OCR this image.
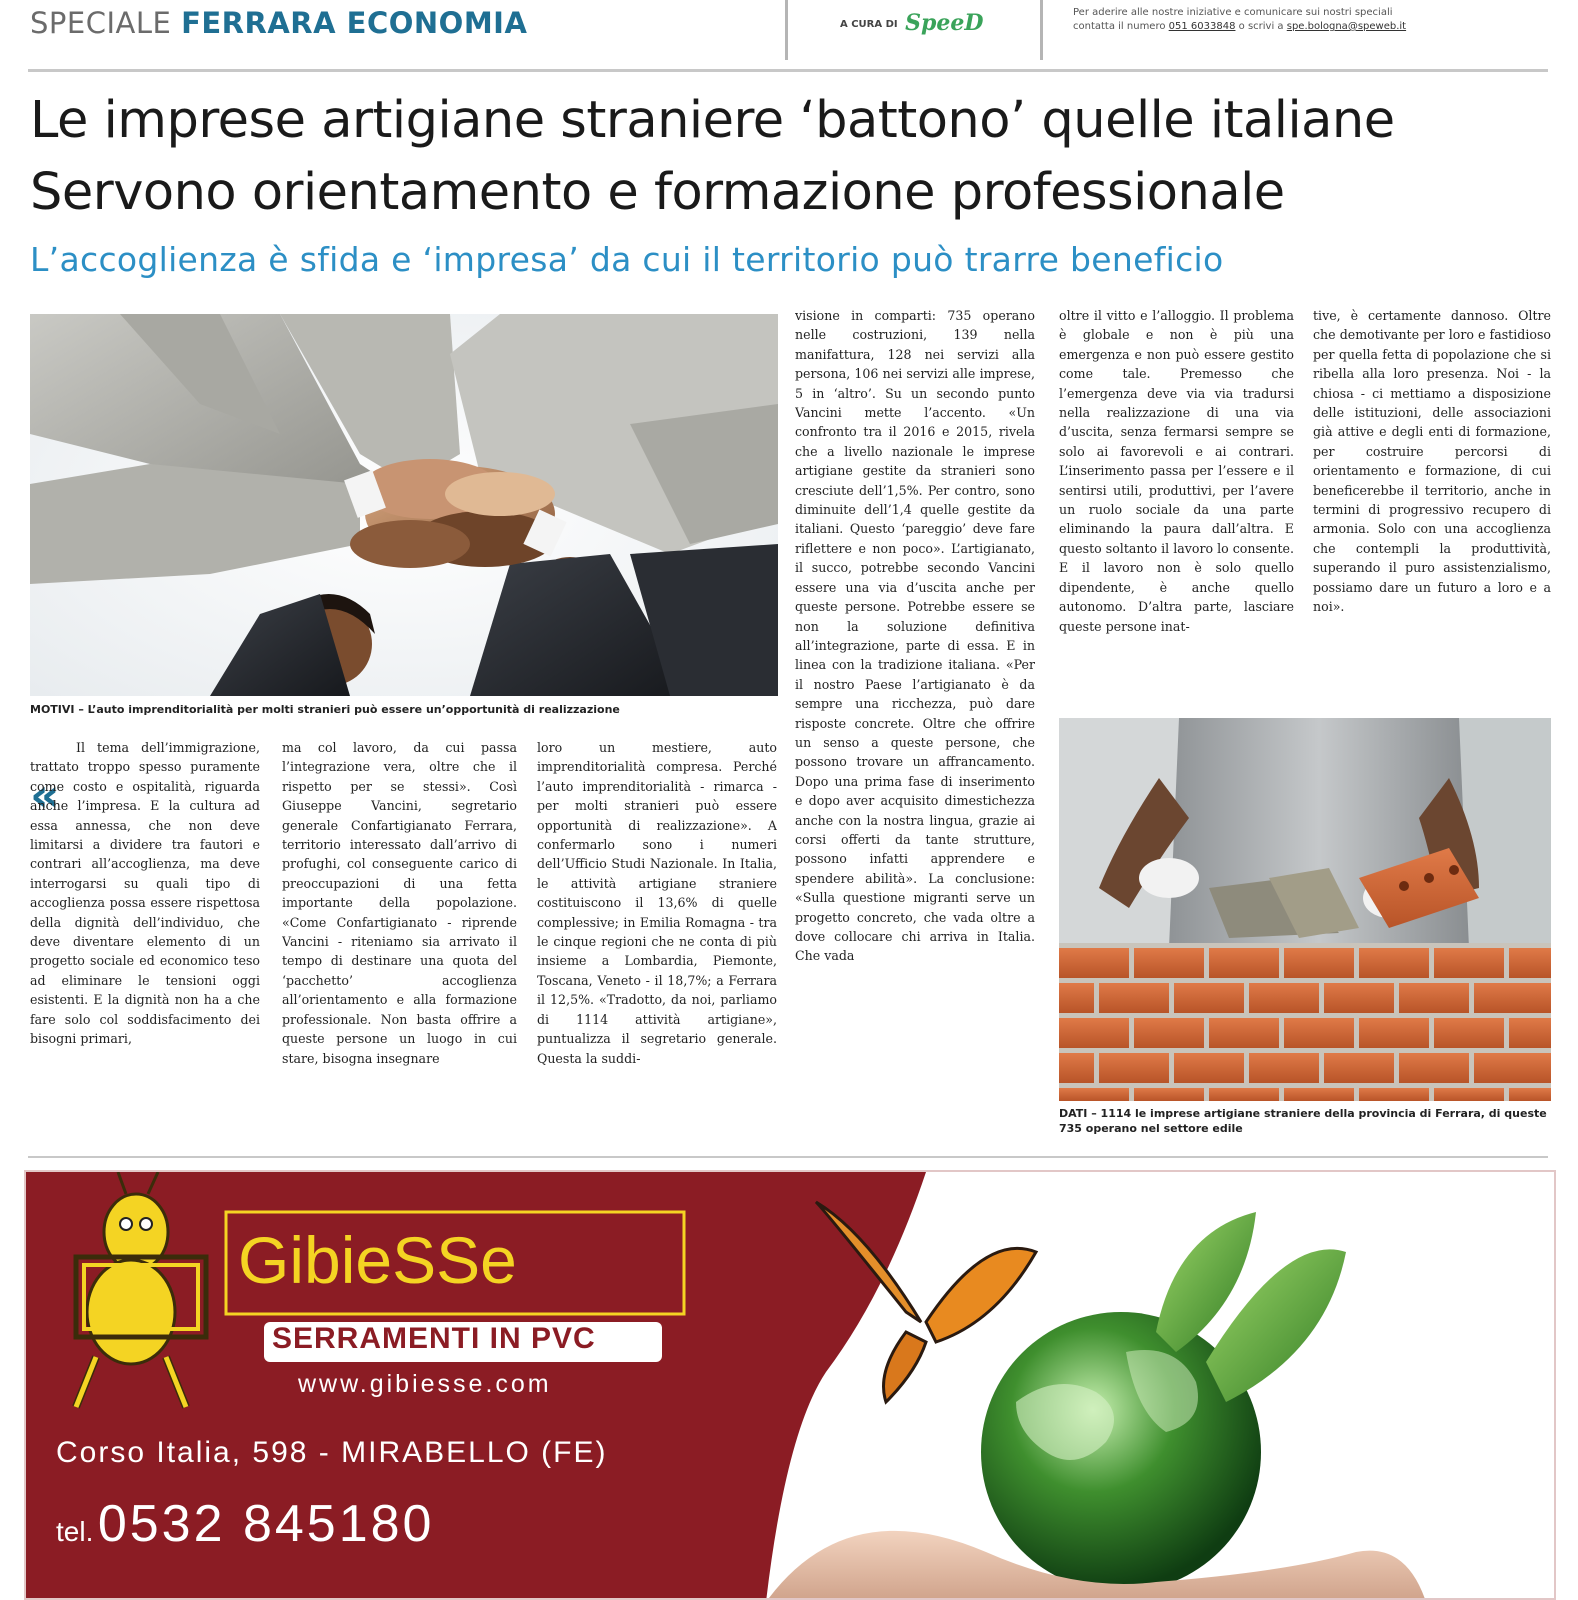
SPECIALE FERRARA ECONOMIA	A CURA DI SpeeD	Per aderire alle nostre iniziative e comunicare sui nostri speciali
contatta il numero 051 6033848 o scrivi a spe.bologna@speweb.it
Le imprese artigiane straniere ‘battono’ quelle italiane
Servono orientamento e formazione professionale
L’accoglienza è sfida e ‘impresa’ da cui il territorio può trarre beneficio
MOTIVI – L’auto imprenditorialità per molti stranieri può essere un’opportunità di realizzazione
«

Il tema dell’immigrazione, trattato troppo spesso puramente come costo e ospitalità, riguarda anche l’impresa. E la cultura ad essa annessa, che non deve limitarsi a dividere tra fautori e contrari all’accoglienza, ma deve interrogarsi su quali tipo di accoglienza possa essere rispettosa della dignità dell’individuo, che deve diventare elemento di un progetto sociale ed economico teso ad eliminare le tensioni oggi esistenti. E la dignità non ha a che fare solo col soddisfacimento dei bisogni primari,

ma col lavoro, da cui passa l’integrazione vera, oltre che il rispetto per se stessi». Così Giuseppe Vancini, segretario generale Confartigianato Ferrara, territorio interessato dall’arrivo di profughi, col conseguente carico di preoccupazioni di una fetta importante della popolazione. «Come Confartigianato - riprende Vancini - riteniamo sia arrivato il tempo di destinare una quota del ‘pacchetto’ accoglienza all’orientamento e alla formazione professionale. Non basta offrire a queste persone un luogo in cui stare, bisogna insegnare

loro un mestiere, auto imprenditorialità compresa. Perché l’auto imprenditorialità - rimarca - per molti stranieri può essere opportunità di realizzazione». A confermarlo sono i numeri dell’Ufficio Studi Nazionale. In Italia, le attività artigiane straniere costituiscono il 13,6% di quelle complessive; in Emilia Romagna - tra le cinque regioni che ne conta di più insieme a Lombardia, Piemonte, Toscana, Veneto - il 18,7%; a Ferrara il 12,5%. «Tradotto, da noi, parliamo di 1114 attività artigiane», puntualizza il segretario generale. Questa la suddi-

visione in comparti: 735 operano nelle costruzioni, 139 nella manifattura, 128 nei servizi alla persona, 106 nei servizi alle imprese, 5 in ‘altro’. Su un secondo punto Vancini mette l’accento. «Un confronto tra il 2016 e 2015, rivela che a livello nazionale le imprese artigiane gestite da stranieri sono cresciute dell’1,5%. Per contro, sono diminuite dell’1,4 quelle gestite da italiani. Questo ‘pareggio’ deve fare riflettere e non poco». L’artigianato, il succo, potrebbe secondo Vancini essere una via d’uscita anche per queste persone. Potrebbe essere se non la soluzione definitiva all’integrazione, parte di essa. E in linea con la tradizione italiana. «Per il nostro Paese l’artigianato è da sempre una ricchezza, può dare risposte concrete. Oltre che offrire un senso a queste persone, che possono trovare un affrancamento. Dopo una prima fase di inserimento e dopo aver acquisito dimestichezza anche con la nostra lingua, grazie ai corsi offerti da tante strutture, possono infatti apprendere e spendere abilità». La conclusione: «Sulla questione migranti serve un progetto concreto, che vada oltre a dove collocare chi arriva in Italia. Che vada

oltre il vitto e l’alloggio. Il problema è globale e non è più una emergenza e non può essere gestito come tale. Premesso che l’emergenza deve via via tradursi nella realizzazione di una via d’uscita, senza fermarsi sempre se solo ai favorevoli e ai contrari. L’inserimento passa per l’essere e il sentirsi utili, produttivi, per l’avere un ruolo sociale da una parte eliminando la paura dall’altra. E questo soltanto il lavoro lo consente. E il lavoro non è solo quello dipendente, è anche quello autonomo. D’altra parte, lasciare queste persone inat-

tive, è certamente dannoso. Oltre che demotivante per loro e fastidioso per quella fetta di popolazione che si ribella alla loro presenza. Noi - la chiosa - ci mettiamo a disposizione delle istituzioni, delle associazioni già attive e degli enti di formazione, per costruire percorsi di orientamento e formazione, di cui beneficerebbe il territorio, anche in termini di progressivo recupero di armonia. Solo con una accoglienza che contempli la produttività, superando il puro assistenzialismo, possiamo dare un futuro a loro e a noi».

DATI – 1114 le imprese artigiane straniere della provincia di Ferrara, di queste 735 operano nel settore edile
GibieSSe
SERRAMENTI IN PVC
www.gibiesse.com
Corso Italia, 598 - MIRABELLO (FE)
tel. 0532 845180
